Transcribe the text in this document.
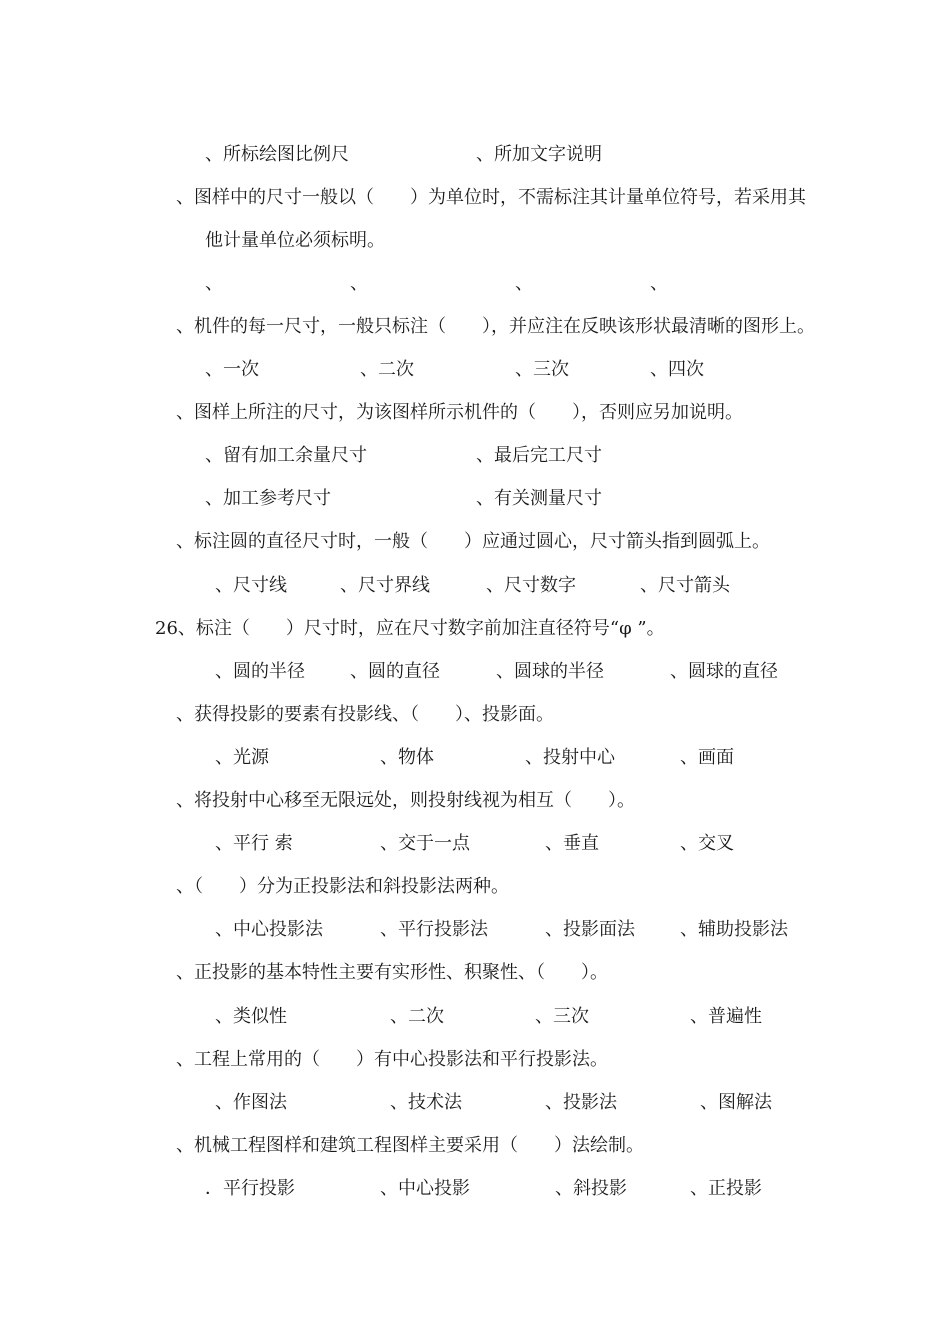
、所标绘图比例尺	、所加文字说明
、图样中的尺寸一般以（　　）为单位时，不需标注其计量单位符号，若采用其
他计量单位必须标明。
、	、	、	、
、机件的每一尺寸，一般只标注（　　），并应注在反映该形状最清晰的图形上。
、一次	、二次	、三次	、四次
、图样上所注的尺寸，为该图样所示机件的（　　），否则应另加说明。
、留有加工余量尺寸	、最后完工尺寸
、加工参考尺寸	、有关测量尺寸
、标注圆的直径尺寸时，一般（　　）应通过圆心，尺寸箭头指到圆弧上。
、尺寸线	、尺寸界线	、尺寸数字	、尺寸箭头
26、标注（　　）尺寸时，应在尺寸数字前加注直径符号“φ ”。
、圆的半径	、圆的直径	、圆球的半径	、圆球的直径
、获得投影的要素有投影线、（　　）、投影面。
、光源	、物体	、投射中心	、画面
、将投射中心移至无限远处，则投射线视为相互（　　）。
、平行 索	、交于一点	、垂直	、交叉
、（　　）分为正投影法和斜投影法两种。
、中心投影法	、平行投影法	、投影面法	、辅助投影法
、正投影的基本特性主要有实形性、积聚性、（　　）。
、类似性	、二次	、三次	、普遍性
、工程上常用的（　　）有中心投影法和平行投影法。
、作图法	、技术法	、投影法	、图解法
、机械工程图样和建筑工程图样主要采用（　　）法绘制。
．平行投影	、中心投影	、斜投影	、正投影
